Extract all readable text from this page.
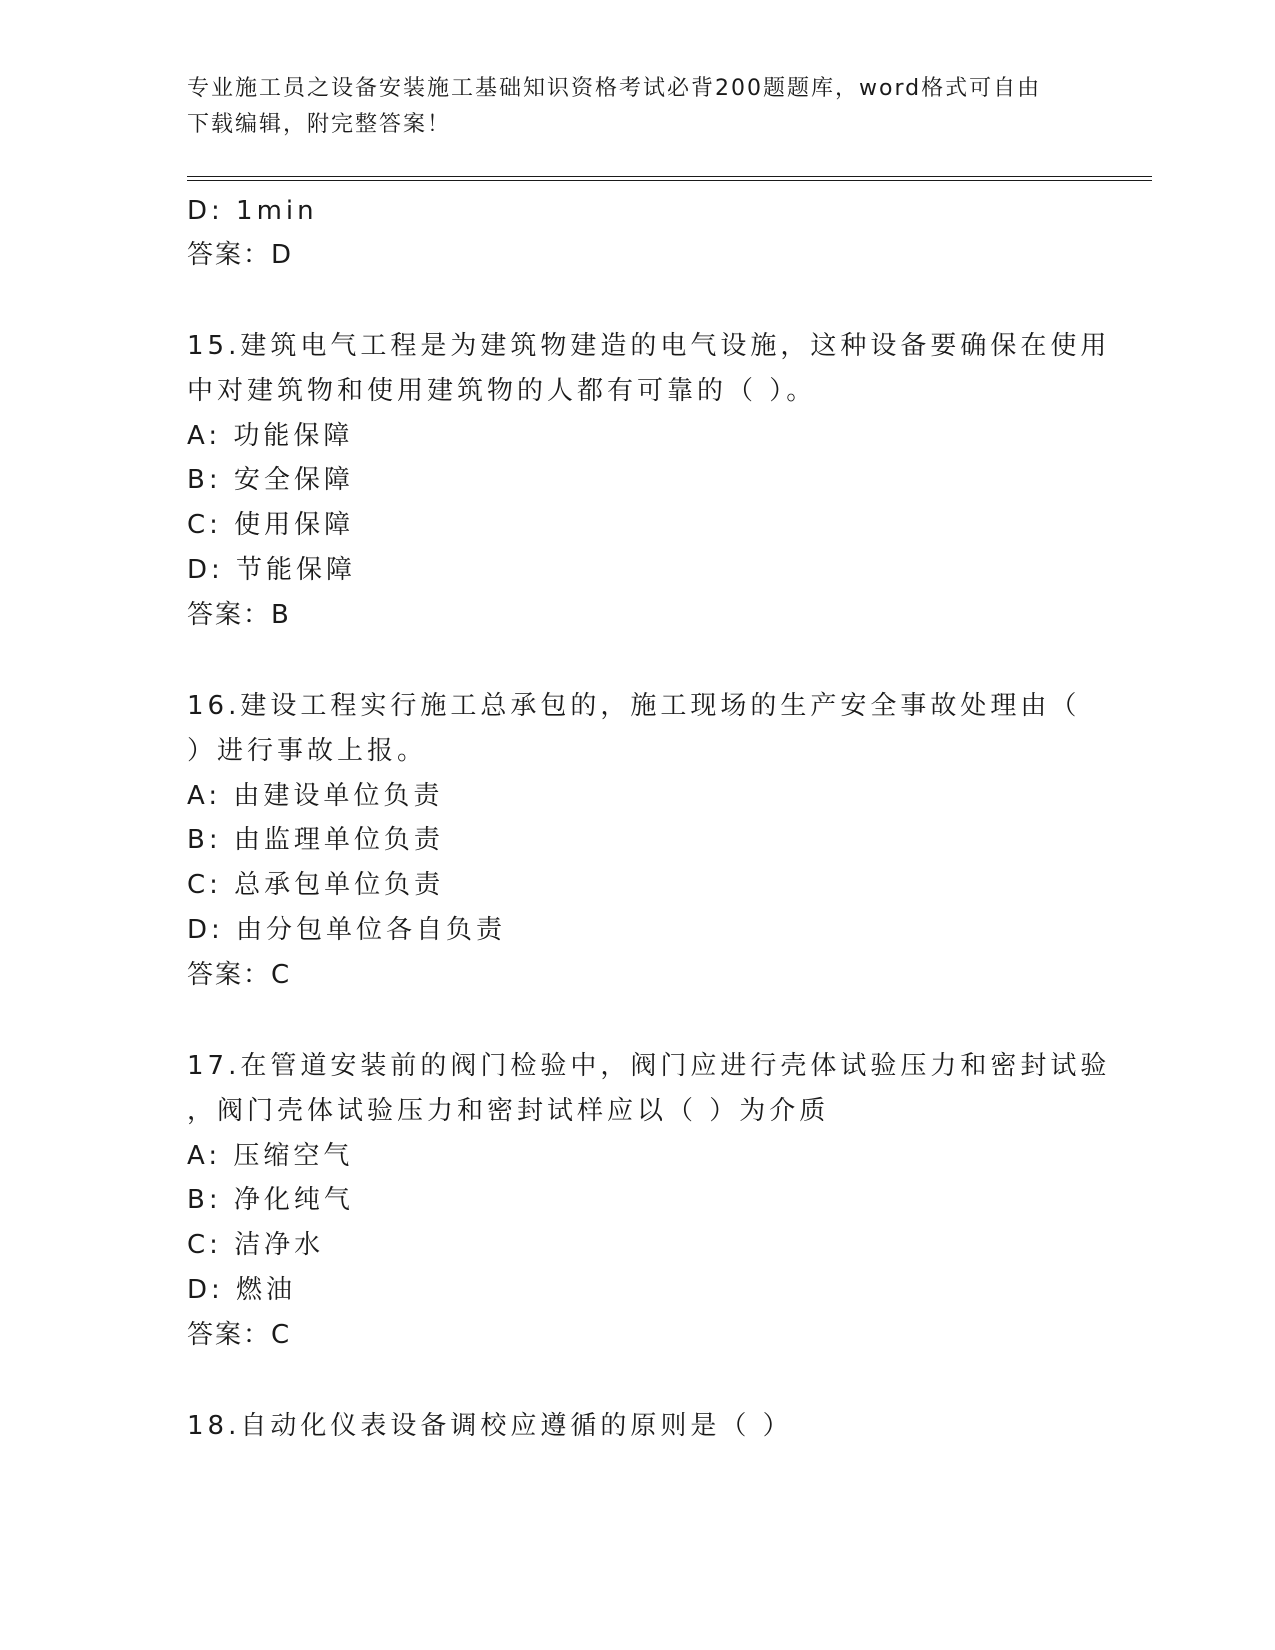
专业施工员之设备安装施工基础知识资格考试必背200题题库，word格式可自由
下载编辑，附完整答案！
D: 1min
答案：D
15.建筑电气工程是为建筑物建造的电气设施，这种设备要确保在使用
中对建筑物和使用建筑物的人都有可靠的（ ）。
A: 功能保障
B: 安全保障
C: 使用保障
D: 节能保障
答案：B
16.建设工程实行施工总承包的，施工现场的生产安全事故处理由（
）进行事故上报。
A: 由建设单位负责
B: 由监理单位负责
C: 总承包单位负责
D: 由分包单位各自负责
答案：C
17.在管道安装前的阀门检验中，阀门应进行壳体试验压力和密封试验
，阀门壳体试验压力和密封试样应以（ ）为介质
A: 压缩空气
B: 净化纯气
C: 洁净水
D: 燃油
答案：C
18.自动化仪表设备调校应遵循的原则是（ ）
